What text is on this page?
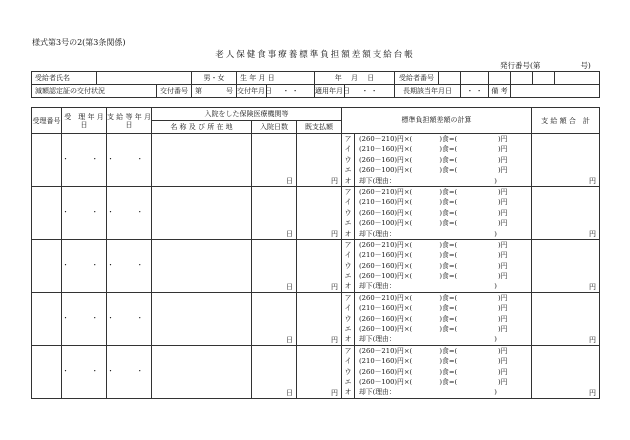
様式第3号の2(第3条関係)
老人保健食事療養標準負担額差額支給台帳
発行番号(第	号)
受給者氏名			男・女	生 年 月 日		年　 月　 日		受給者番号						
減額認定証の交付状況		交付番号	第 号	交付年月日	・ ・	適用年月日	・ ・	長期該当年月日		・ ・	備 考			
受理番号	受　理 年 月 日	支 給 等 年 月 日	入院をした保険医療機関等			標準負担額差額の計算	支 給 額 合　計
			名 称 及 び 所 在 地	入院日数	既支払額		
	・ ・	・ ・		日	円	ア (260－210)円×(　　　　)食=(　　　　　　)円
イ (210－160)円×(　　　　)食=(　　　　　　)円
ウ (260－160)円×(　　　　)食=(　　　　　　)円
エ (260－100)円×(　　　　)食=(　　　　　　)円
オ 却下(理由：　　　　　　　　　　　　　　　)	円
	・ ・	・ ・		日	円	ア (260－210)円×(　　　　)食=(　　　　　　)円
イ (210－160)円×(　　　　)食=(　　　　　　)円
ウ (260－160)円×(　　　　)食=(　　　　　　)円
エ (260－100)円×(　　　　)食=(　　　　　　)円
オ 却下(理由：　　　　　　　　　　　　　　　)	円
	・ ・	・ ・		日	円	ア (260－210)円×(　　　　)食=(　　　　　　)円
イ (210－160)円×(　　　　)食=(　　　　　　)円
ウ (260－160)円×(　　　　)食=(　　　　　　)円
エ (260－100)円×(　　　　)食=(　　　　　　)円
オ 却下(理由：　　　　　　　　　　　　　　　)	円
	・ ・	・ ・		日	円	ア (260－210)円×(　　　　)食=(　　　　　　)円
イ (210－160)円×(　　　　)食=(　　　　　　)円
ウ (260－160)円×(　　　　)食=(　　　　　　)円
エ (260－100)円×(　　　　)食=(　　　　　　)円
オ 却下(理由：　　　　　　　　　　　　　　　)	円
	・ ・	・ ・		日	円	ア (260－210)円×(　　　　)食=(　　　　　　)円
イ (210－160)円×(　　　　)食=(　　　　　　)円
ウ (260－160)円×(　　　　)食=(　　　　　　)円
エ (260－100)円×(　　　　)食=(　　　　　　)円
オ 却下(理由：　　　　　　　　　　　　　　　)	円
